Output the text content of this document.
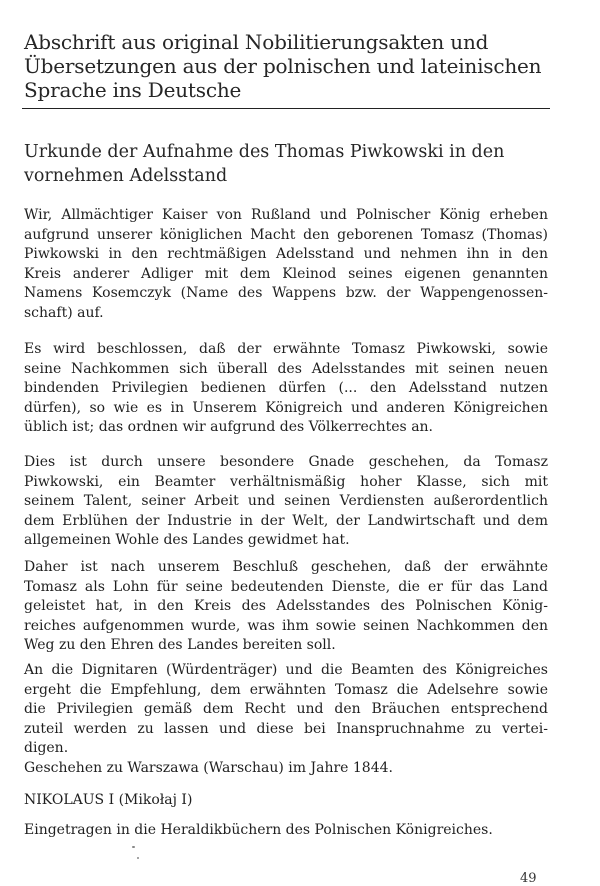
Abschrift aus original Nobilitierungsakten und
Übersetzungen aus der polnischen und lateinischen
Sprache ins Deutsche
Urkunde der Aufnahme des Thomas Piwkowski in den
vornehmen Adelsstand
Wir, Allmächtiger Kaiser von Rußland und Polnischer König erheben
aufgrund unserer königlichen Macht den geborenen Tomasz (Thomas)
Piwkowski in den rechtmäßigen Adelsstand und nehmen ihn in den
Kreis anderer Adliger mit dem Kleinod seines eigenen genannten
Namens Kosemczyk (Name des Wappens bzw. der Wappengenossen-
schaft) auf.
Es wird beschlossen, daß der erwähnte Tomasz Piwkowski, sowie
seine Nachkommen sich überall des Adelsstandes mit seinen neuen
bindenden Privilegien bedienen dürfen (... den Adelsstand nutzen
dürfen), so wie es in Unserem Königreich und anderen Königreichen
üblich ist; das ordnen wir aufgrund des Völkerrechtes an.
Dies ist durch unsere besondere Gnade geschehen, da Tomasz
Piwkowski, ein Beamter verhältnismäßig hoher Klasse, sich mit
seinem Talent, seiner Arbeit und seinen Verdiensten außerordentlich
dem Erblühen der Industrie in der Welt, der Landwirtschaft und dem
allgemeinen Wohle des Landes gewidmet hat.
Daher ist nach unserem Beschluß geschehen, daß der erwähnte
Tomasz als Lohn für seine bedeutenden Dienste, die er für das Land
geleistet hat, in den Kreis des Adelsstandes des Polnischen König-
reiches aufgenommen wurde, was ihm sowie seinen Nachkommen den
Weg zu den Ehren des Landes bereiten soll.
An die Dignitaren (Würdenträger) und die Beamten des Königreiches
ergeht die Empfehlung, dem erwähnten Tomasz die Adelsehre sowie
die Privilegien gemäß dem Recht und den Bräuchen entsprechend
zuteil werden zu lassen und diese bei Inanspruchnahme zu vertei-
digen.
Geschehen zu Warszawa (Warschau) im Jahre 1844.
NIKOLAUS I (Mikołaj I)
Eingetragen in die Heraldikbüchern des Polnischen Königreiches.
49
